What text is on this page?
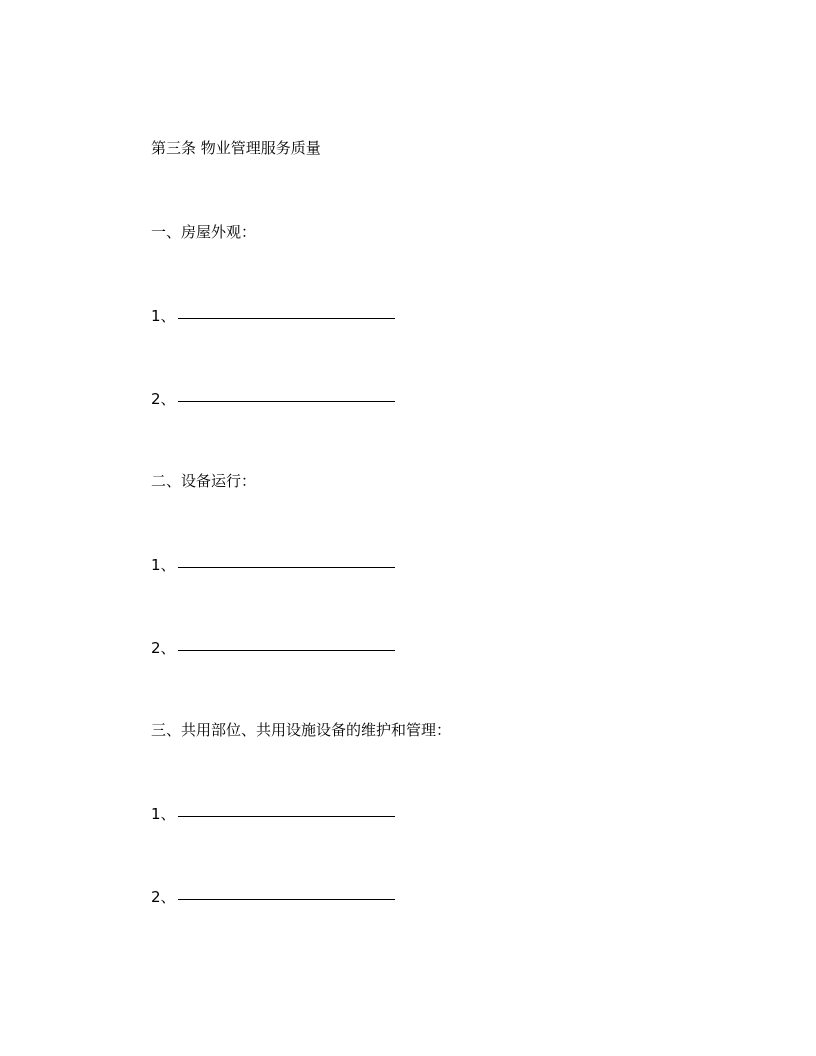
第三条 物业管理服务质量
一、房屋外观：
1、
2、
二、设备运行：
1、
2、
三、共用部位、共用设施设备的维护和管理：
1、
2、
